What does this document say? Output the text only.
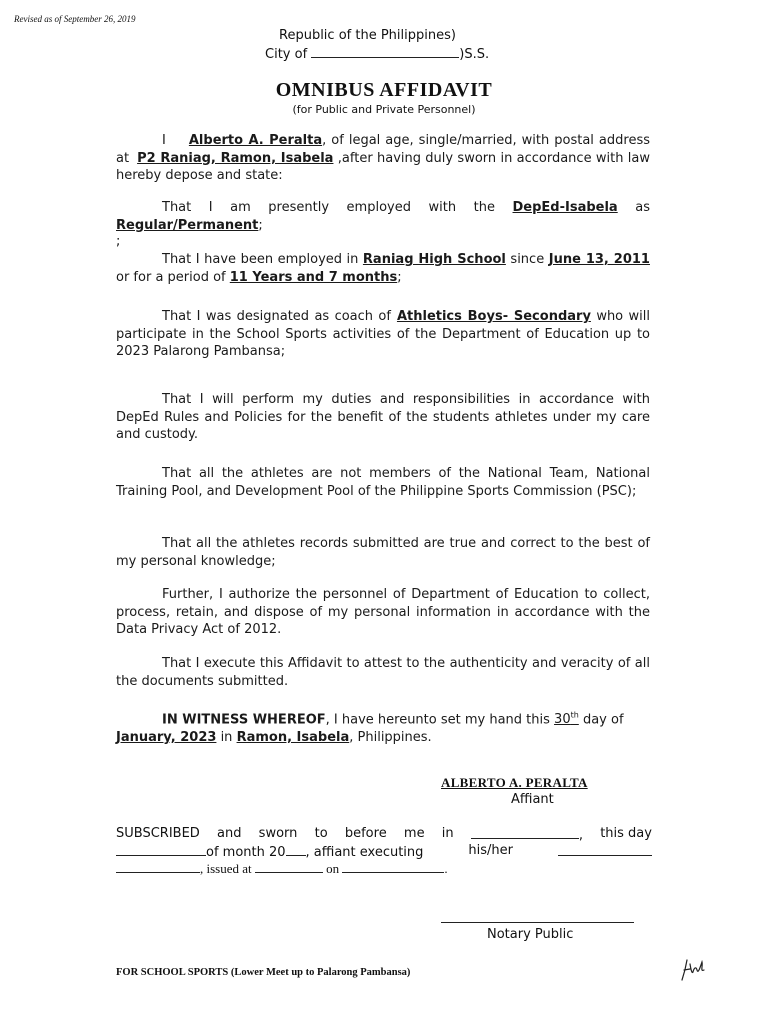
Revised as of September 26, 2019
Republic of the Philippines)
City of	)S.S.
OMNIBUS AFFIDAVIT
(for Public and Private Personnel)
I Alberto A. Peralta, of legal age, single/married, with postal address at P2 Raniag, Ramon, Isabela ,after having duly sworn in accordance with law hereby depose and state:
That I am presently employed with the DepEd-Isabela as Regular/Permanent;
;
That I have been employed in Raniag High School since June 13, 2011 or for a period of 11 Years and 7 months;
That I was designated as coach of Athletics Boys- Secondary who will participate in the School Sports activities of the Department of Education up to 2023 Palarong Pambansa;
That I will perform my duties and responsibilities in accordance with DepEd Rules and Policies for the benefit of the students athletes under my care and custody.
That all the athletes are not members of the National Team, National Training Pool, and Development Pool of the Philippine Sports Commission (PSC);
That all the athletes records submitted are true and correct to the best of my personal knowledge;
Further, I authorize the personnel of Department of Education to collect, process, retain, and dispose of my personal information in accordance with the Data Privacy Act of 2012.
That I execute this Affidavit to attest to the authenticity and veracity of all the documents submitted.
IN WITNESS WHEREOF, I have hereunto set my hand this 30th day of January, 2023 in Ramon, Isabela, Philippines.
ALBERTO A. PERALTA
Affiant
SUBSCRIBED and sworn to before me in	, this day
of month 20 , affiant executing	his/her
, issued at	on	.
Notary Public
FOR SCHOOL SPORTS (Lower Meet up to Palarong Pambansa)
